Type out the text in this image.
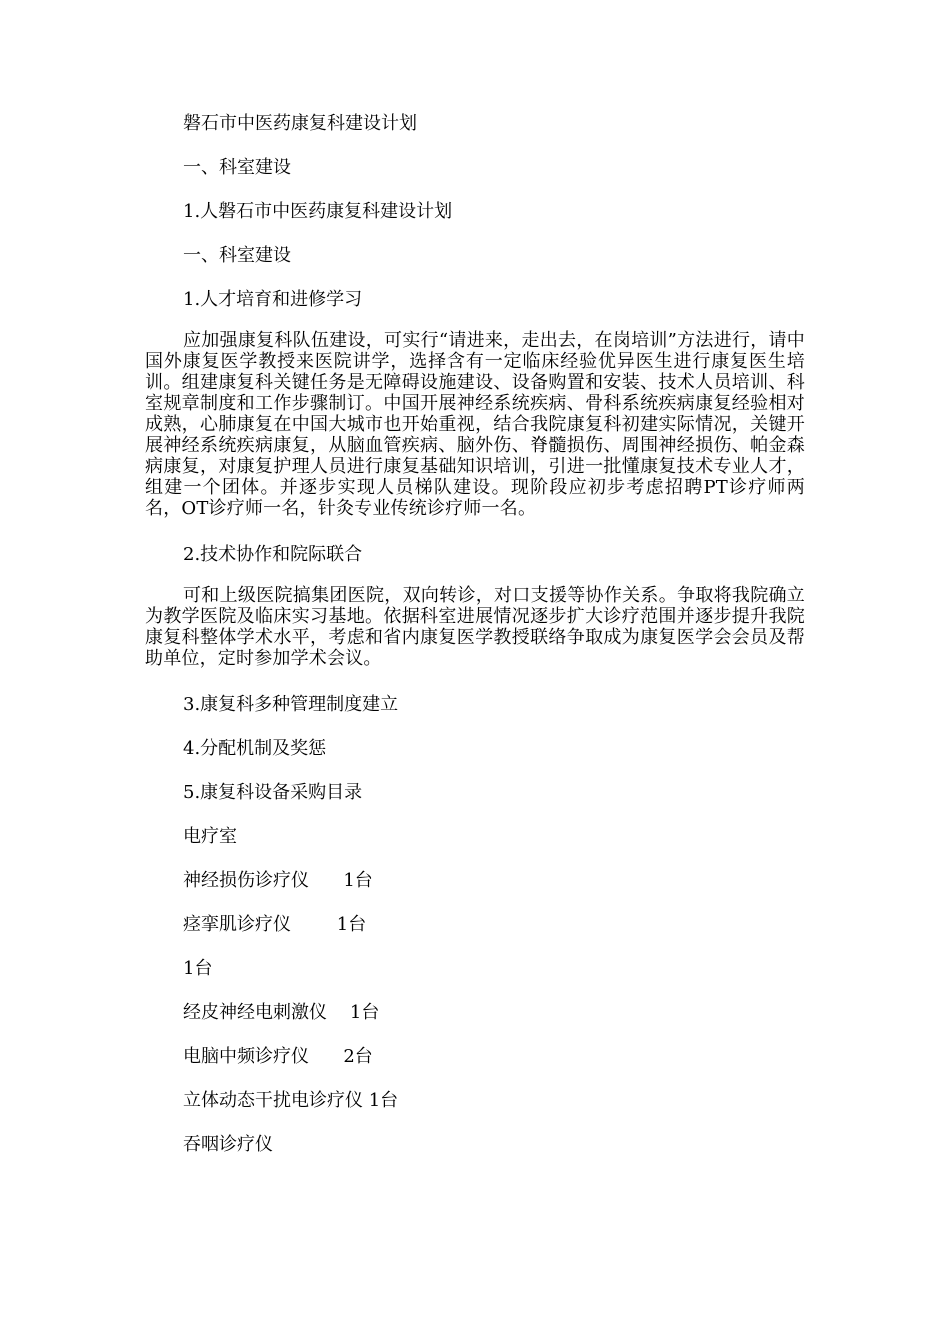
磐石市中医药康复科建设计划

一、科室建设

1.人磐石市中医药康复科建设计划

一、科室建设

1.人才培育和进修学习

应加强康复科队伍建设，可实行“请进来，走出去，在岗培训”方法进行，请中国外康复医学教授来医院讲学，选择含有一定临床经验优异医生进行康复医生培训。组建康复科关键任务是无障碍设施建设、设备购置和安装、技术人员培训、科室规章制度和工作步骤制订。中国开展神经系统疾病、骨科系统疾病康复经验相对成熟，心肺康复在中国大城市也开始重视，结合我院康复科初建实际情况，关键开展神经系统疾病康复，从脑血管疾病、脑外伤、脊髓损伤、周围神经损伤、帕金森病康复，对康复护理人员进行康复基础知识培训，引进一批懂康复技术专业人才，组建一个团体。并逐步实现人员梯队建设。现阶段应初步考虑招聘PT诊疗师两名，OT诊疗师一名，针灸专业传统诊疗师一名。

2.技术协作和院际联合

可和上级医院搞集团医院，双向转诊，对口支援等协作关系。争取将我院确立为教学医院及临床实习基地。依据科室进展情况逐步扩大诊疗范围并逐步提升我院康复科整体学术水平，考虑和省内康复医学教授联络争取成为康复医学会会员及帮助单位，定时参加学术会议。

3.康复科多种管理制度建立

4.分配机制及奖惩

5.康复科设备采购目录

电疗室

神经损伤诊疗仪      1台

痉挛肌诊疗仪        1台

1台

经皮神经电刺激仪    1台

电脑中频诊疗仪      2台

立体动态干扰电诊疗仪 1台

吞咽诊疗仪
